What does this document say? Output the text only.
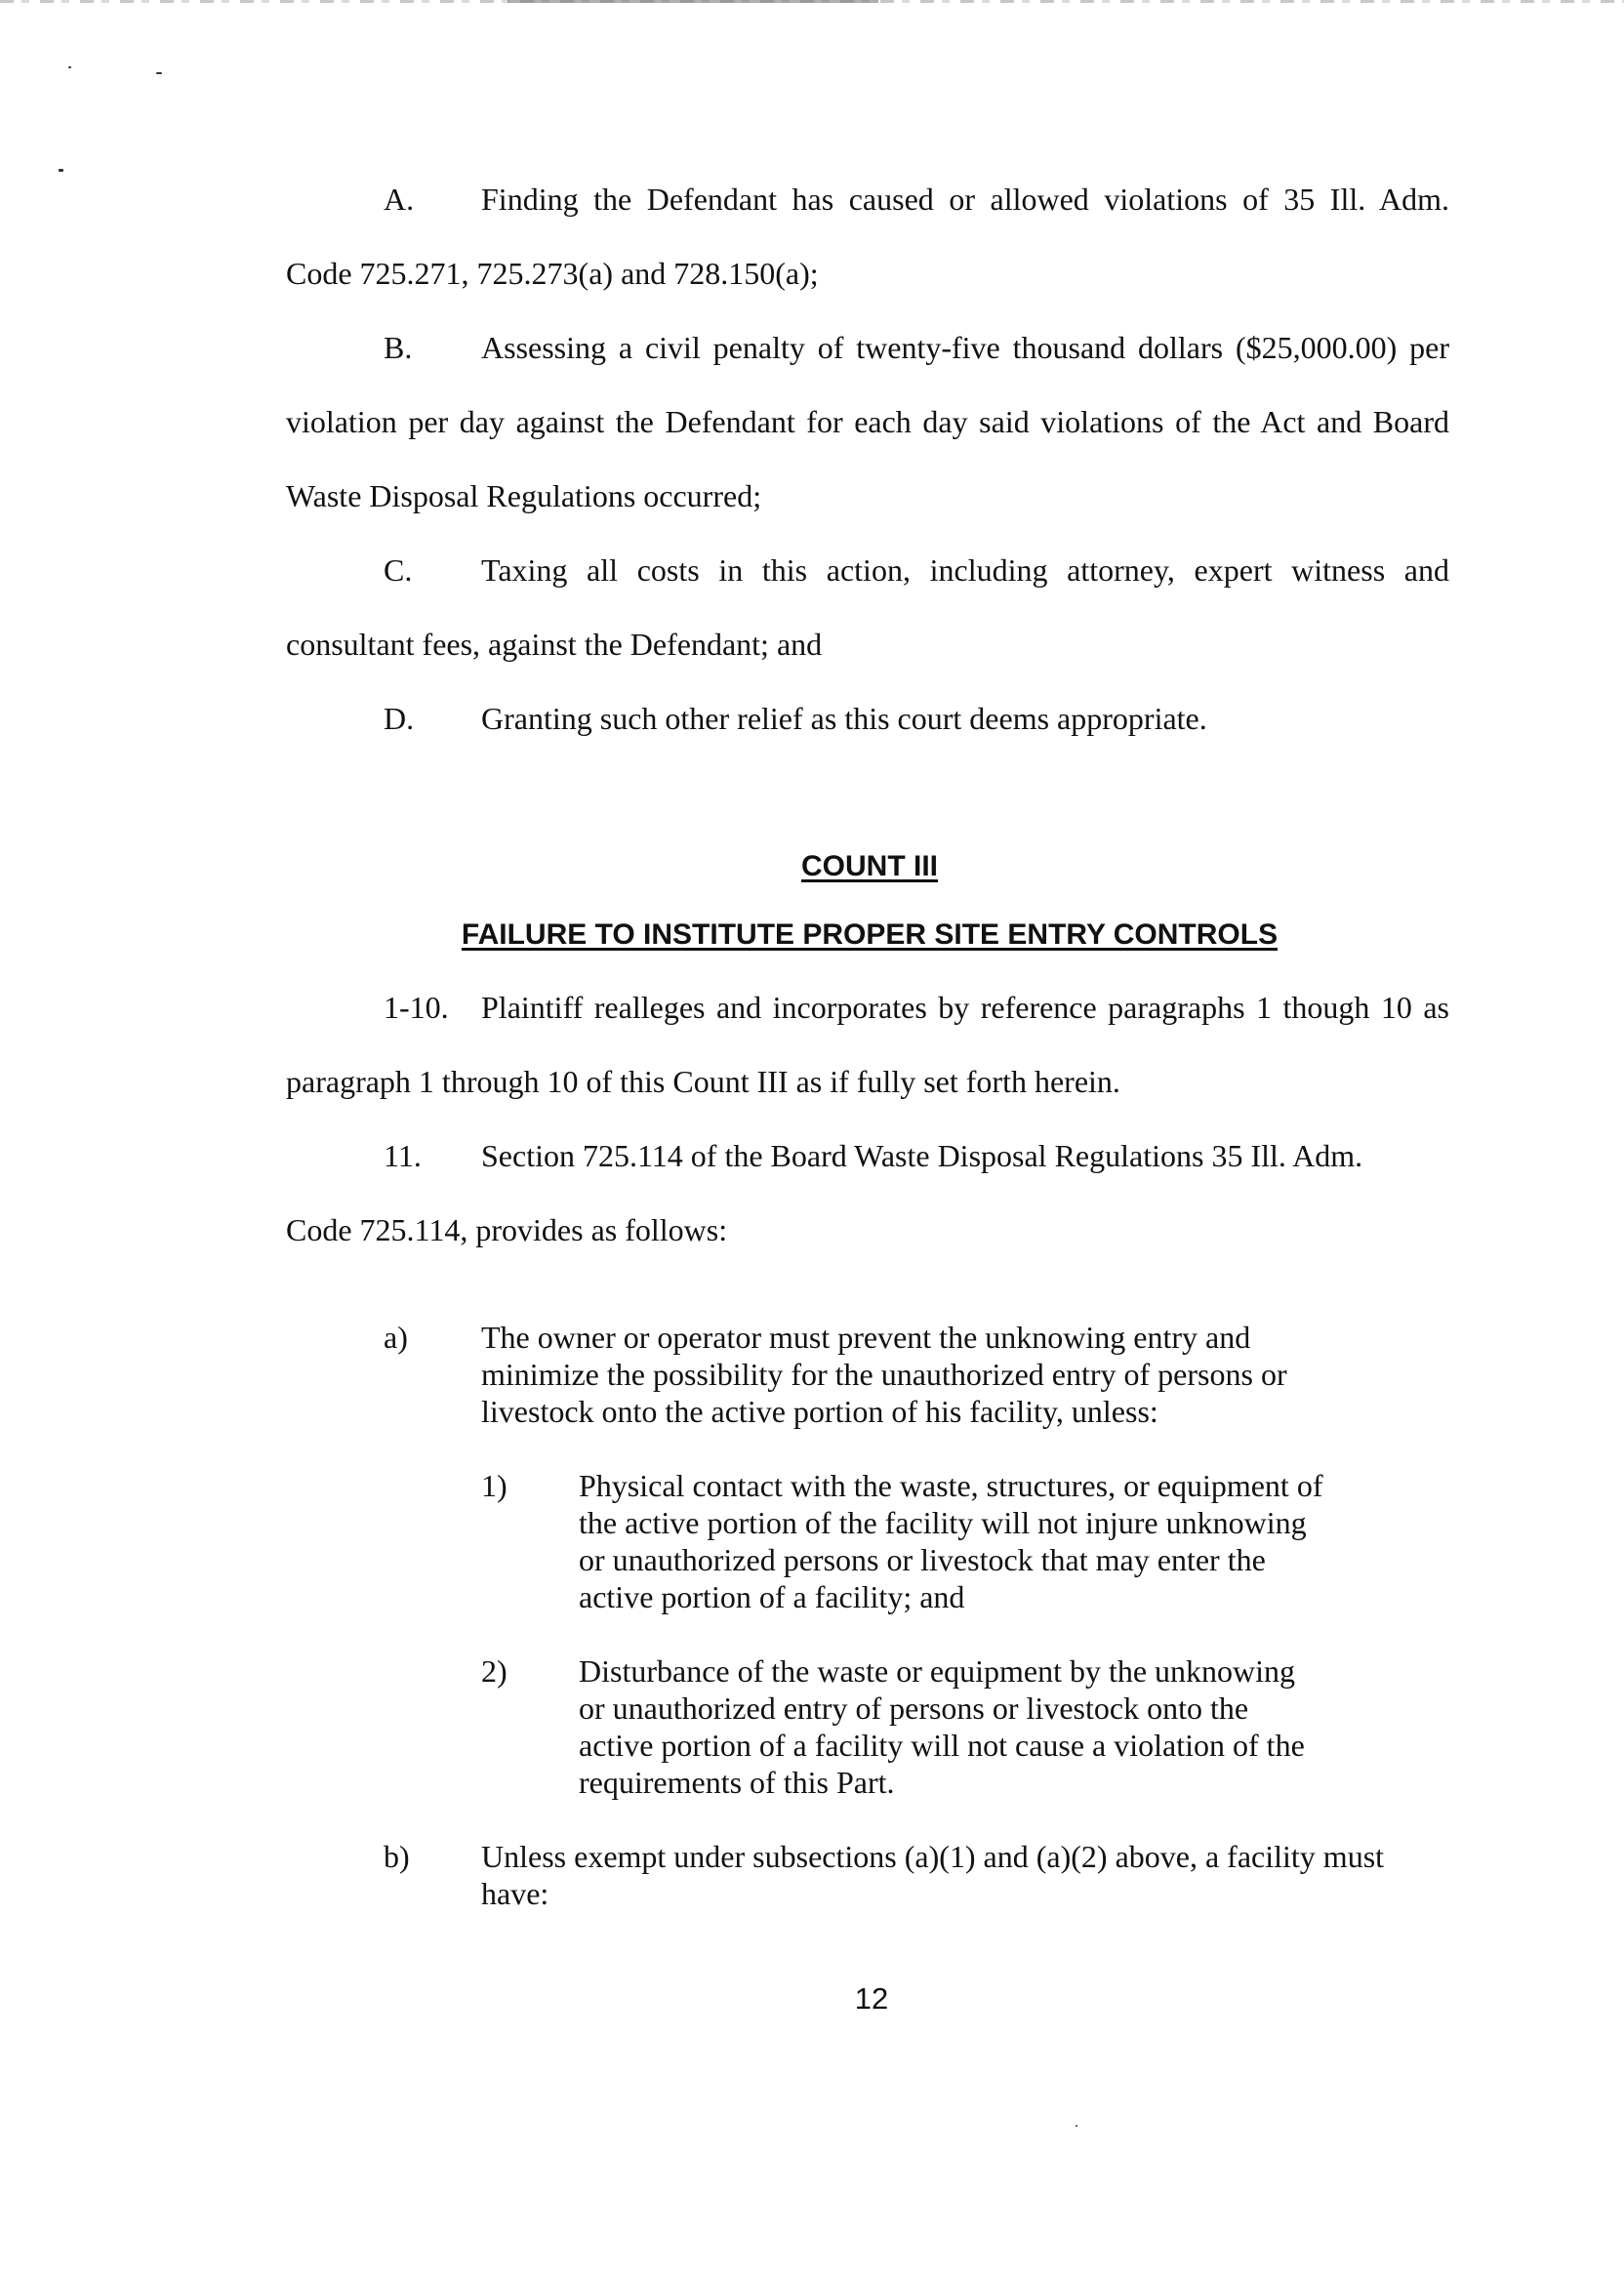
A. Finding the Defendant has caused or allowed violations of 35 Ill. Adm.
Code 725.271, 725.273(a) and 728.150(a);
B. Assessing a civil penalty of twenty-five thousand dollars ($25,000.00) per
violation per day against the Defendant for each day said violations of the Act and Board
Waste Disposal Regulations occurred;
C. Taxing all costs in this action, including attorney, expert witness and
consultant fees, against the Defendant; and
D. Granting such other relief as this court deems appropriate.
COUNT III
FAILURE TO INSTITUTE PROPER SITE ENTRY CONTROLS
1-10. Plaintiff realleges and incorporates by reference paragraphs 1 though 10 as
paragraph 1 through 10 of this Count III as if fully set forth herein.
11. Section 725.114 of the Board Waste Disposal Regulations 35 Ill. Adm.
Code 725.114, provides as follows:
a) The owner or operator must prevent the unknowing entry and
minimize the possibility for the unauthorized entry of persons or
livestock onto the active portion of his facility, unless:
1) Physical contact with the waste, structures, or equipment of
the active portion of the facility will not injure unknowing
or unauthorized persons or livestock that may enter the
active portion of a facility; and
2) Disturbance of the waste or equipment by the unknowing
or unauthorized entry of persons or livestock onto the
active portion of a facility will not cause a violation of the
requirements of this Part.
b) Unless exempt under subsections (a)(1) and (a)(2) above, a facility must
have:
12
